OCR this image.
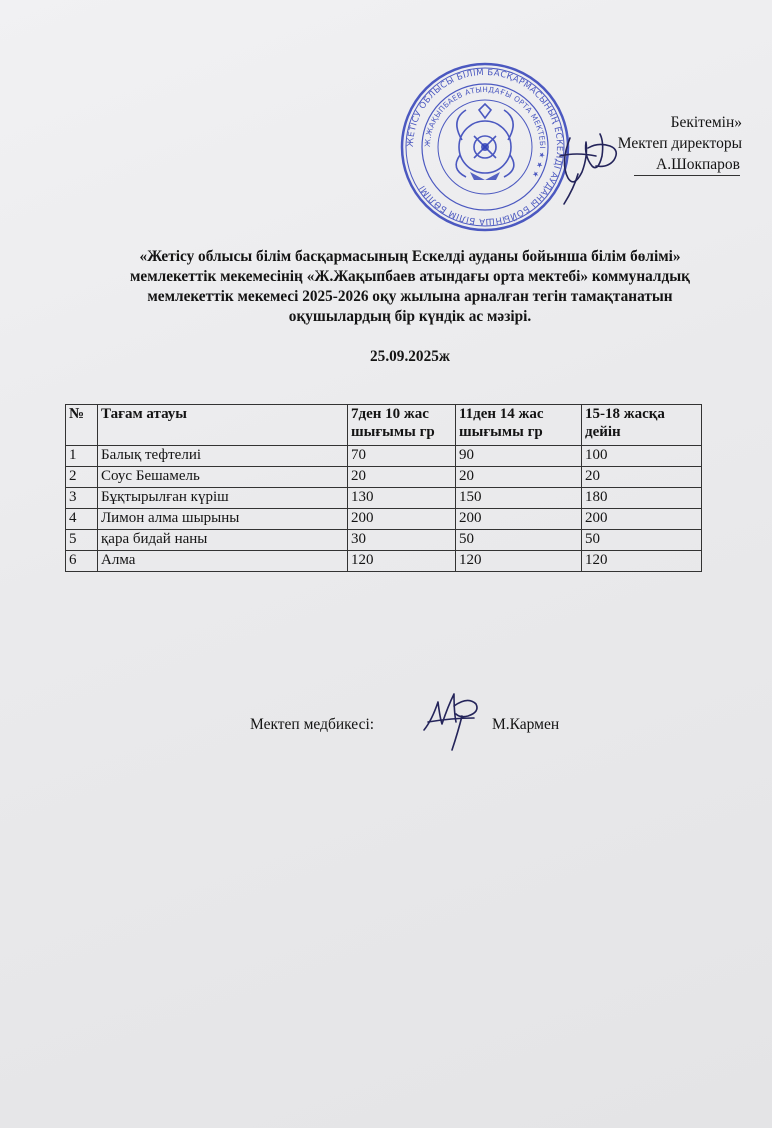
ЖЕТІСУ ОБЛЫСЫ БІЛІМ БАСҚАРМАСЫНЫҢ ЕСКЕЛДІ АУДАНЫ БОЙЫНША БІЛІМ БӨЛІМІ
Ж.ЖАҚЫПБАЕВ АТЫНДАҒЫ ОРТА МЕКТЕБІ ★ ★ ★
Бекітемін»
Мектеп директоры
А.Шокпаров
«Жетісу облысы білім басқармасының Ескелді ауданы бойынша білім бөлімі»
мемлекеттік мекемесінің «Ж.Жақыпбаев атындағы орта мектебі» коммуналдық
мемлекеттік мекемесі 2025-2026 оқу жылына арналған тегін тамақтанатын
оқушылардың бір күндік ас мәзірі.
25.09.2025ж
№	Тағам атауы	7ден 10 жас шығымы гр	11ден 14 жас шығымы гр	15-18 жасқа дейін
1	Балық тефтелиі	70	90	100
2	Соус Бешамель	20	20	20
3	Бұқтырылған күріш	130	150	180
4	Лимон алма шырыны	200	200	200
5	қара бидай наны	30	50	50
6	Алма	120	120	120
Мектеп медбикесі:	М.Кармен
